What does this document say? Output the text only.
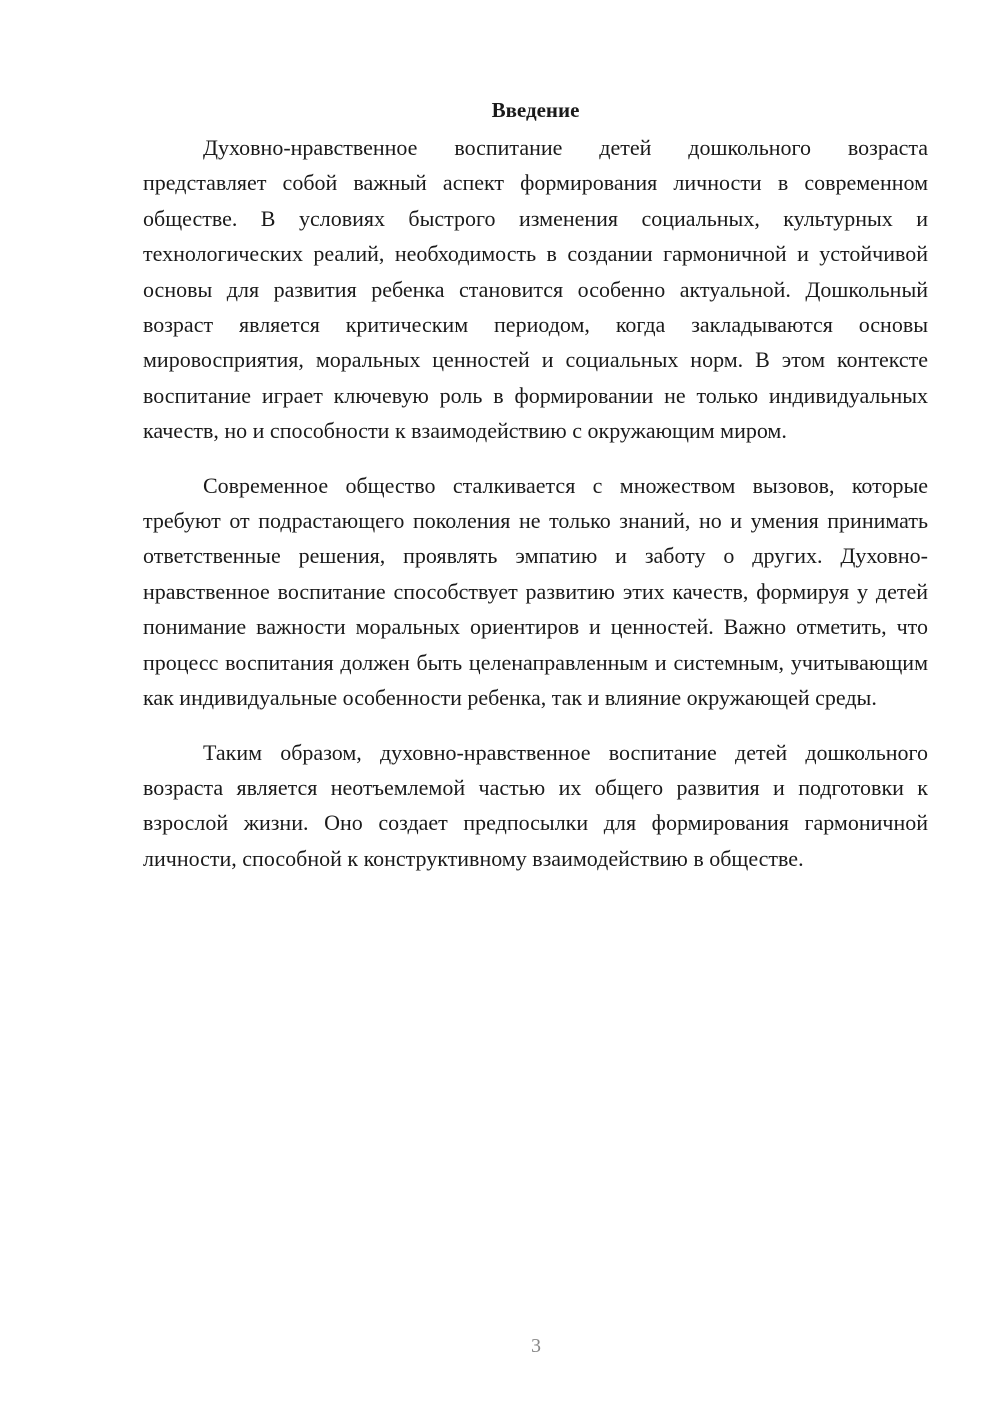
Введение

Духовно-нравственное воспитание детей дошкольного возраста представляет собой важный аспект формирования личности в современном обществе. В условиях быстрого изменения социальных, культурных и технологических реалий, необходимость в создании гармоничной и устойчивой основы для развития ребенка становится особенно актуальной. Дошкольный возраст является критическим периодом, когда закладываются основы мировосприятия, моральных ценностей и социальных норм. В этом контексте воспитание играет ключевую роль в формировании не только индивидуальных качеств, но и способности к взаимодействию с окружающим миром.

Современное общество сталкивается с множеством вызовов, которые требуют от подрастающего поколения не только знаний, но и умения принимать ответственные решения, проявлять эмпатию и заботу о других. Духовно-нравственное воспитание способствует развитию этих качеств, формируя у детей понимание важности моральных ориентиров и ценностей. Важно отметить, что процесс воспитания должен быть целенаправленным и системным, учитывающим как индивидуальные особенности ребенка, так и влияние окружающей среды.

Таким образом, духовно-нравственное воспитание детей дошкольного возраста является неотъемлемой частью их общего развития и подготовки к взрослой жизни. Оно создает предпосылки для формирования гармоничной личности, способной к конструктивному взаимодействию в обществе.

3
